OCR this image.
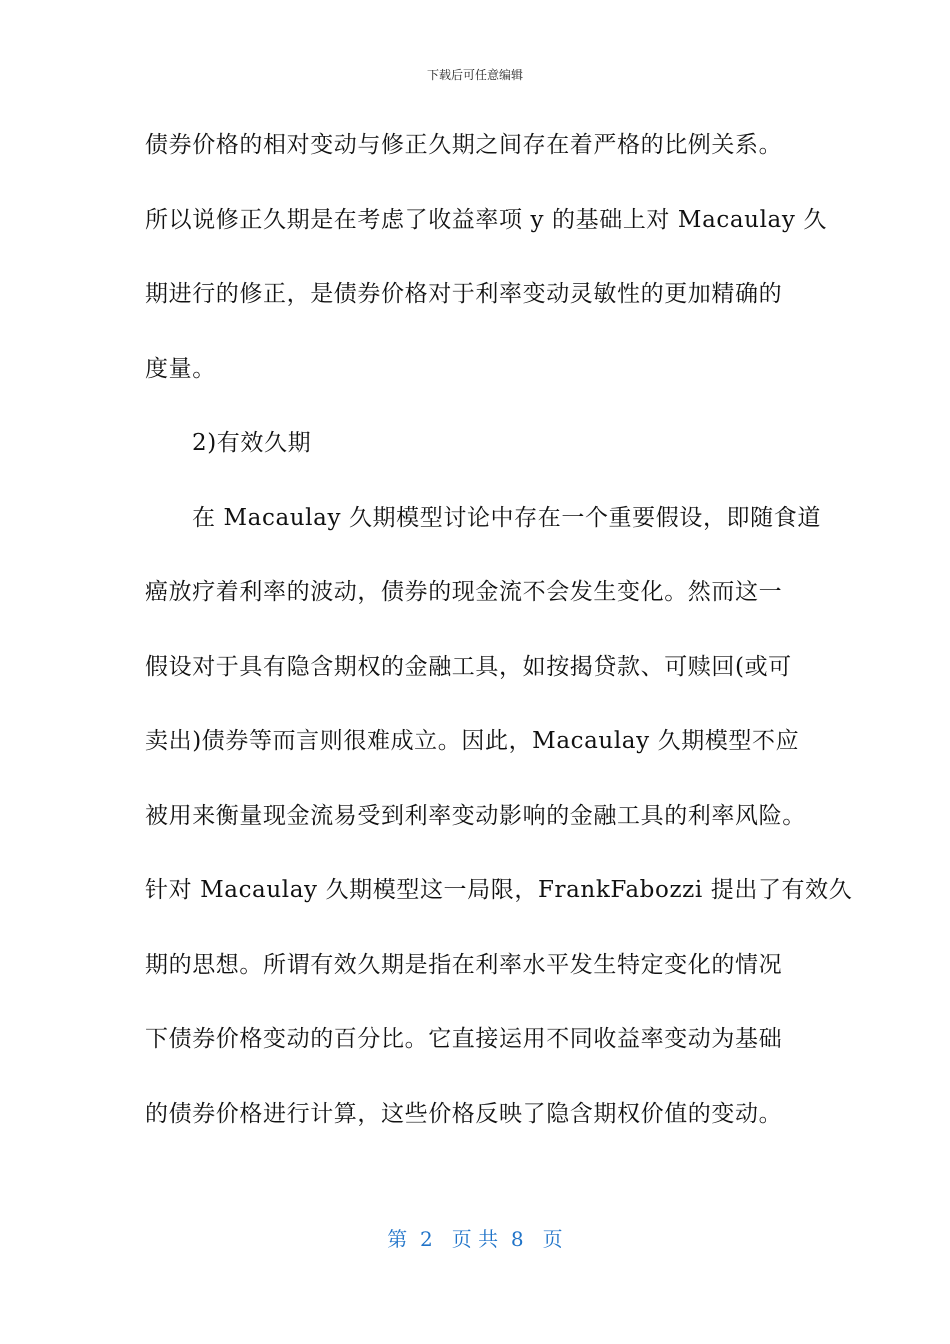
下载后可任意编辑
债券价格的相对变动与修正久期之间存在着严格的比例关系。
所以说修正久期是在考虑了收益率项 y 的基础上对 Macaulay 久
期进行的修正，是债券价格对于利率变动灵敏性的更加精确的
度量。
2)有效久期
在 Macaulay 久期模型讨论中存在一个重要假设，即随食道
癌放疗着利率的波动，债券的现金流不会发生变化。然而这一
假设对于具有隐含期权的金融工具，如按揭贷款、可赎回(或可
卖出)债券等而言则很难成立。因此，Macaulay 久期模型不应
被用来衡量现金流易受到利率变动影响的金融工具的利率风险。
针对 Macaulay 久期模型这一局限，FrankFabozzi 提出了有效久
期的思想。所谓有效久期是指在利率水平发生特定变化的情况
下债券价格变动的百分比。它直接运用不同收益率变动为基础
的债券价格进行计算，这些价格反映了隐含期权价值的变动。
第  2   页 共  8   页
